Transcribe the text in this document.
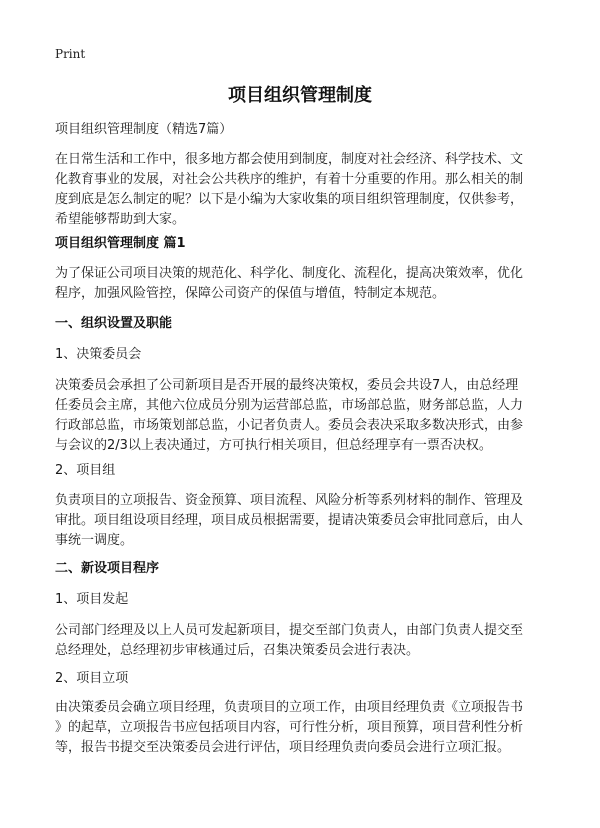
Print
项目组织管理制度

项目组织管理制度（精选7篇）

在日常生活和工作中，很多地方都会使用到制度，制度对社会经济、科学技术、文
化教育事业的发展，对社会公共秩序的维护，有着十分重要的作用。那么相关的制
度到底是怎么制定的呢？以下是小编为大家收集的项目组织管理制度，仅供参考，
希望能够帮助到大家。

项目组织管理制度 篇1

为了保证公司项目决策的规范化、科学化、制度化、流程化，提高决策效率，优化
程序，加强风险管控，保障公司资产的保值与增值，特制定本规范。

一、组织设置及职能

1、决策委员会

决策委员会承担了公司新项目是否开展的最终决策权，委员会共设7人，由总经理
任委员会主席，其他六位成员分别为运营部总监，市场部总监，财务部总监，人力
行政部总监，市场策划部总监，小记者负责人。委员会表决采取多数决形式，由参
与会议的2/3以上表决通过，方可执行相关项目，但总经理享有一票否决权。

2、项目组

负责项目的立项报告、资金预算、项目流程、风险分析等系列材料的制作、管理及
审批。项目组设项目经理，项目成员根据需要，提请决策委员会审批同意后，由人
事统一调度。

二、新设项目程序

1、项目发起

公司部门经理及以上人员可发起新项目，提交至部门负责人，由部门负责人提交至
总经理处，总经理初步审核通过后，召集决策委员会进行表决。

2、项目立项

由决策委员会确立项目经理，负责项目的立项工作，由项目经理负责《立项报告书
》的起草，立项报告书应包括项目内容，可行性分析，项目预算，项目营利性分析
等，报告书提交至决策委员会进行评估，项目经理负责向委员会进行立项汇报。
